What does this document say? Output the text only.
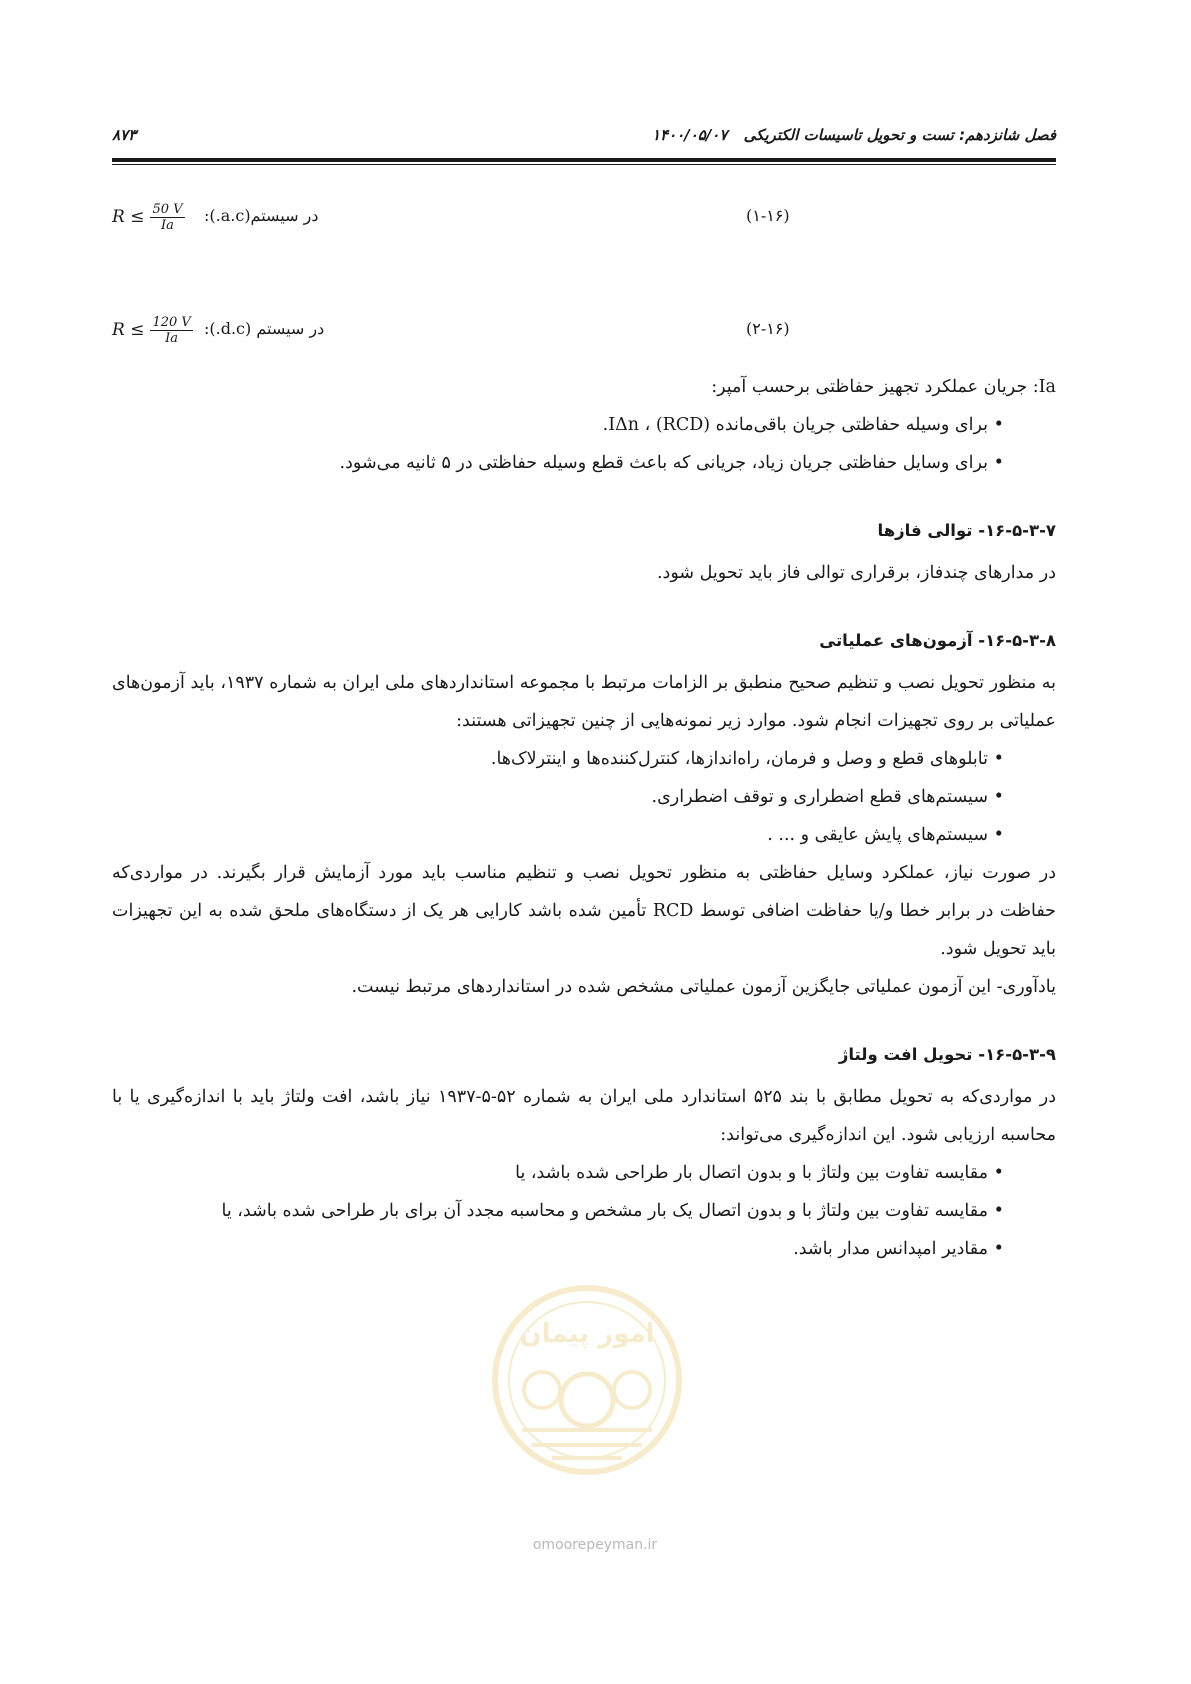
فصل شانزدهم: تست و تحویل تاسیسات الکتریکی
۱۴۰۰/۰۵/۰۷
۸۷۳
$R \le \frac{50 V}{Ia}$ در سیستم(a.c.):	(۱-۱۶)
$R \le \frac{120 V}{Ia}$ در سیستم (d.c.):	(۲-۱۶)

Ia: جریان عملکرد تجهیز حفاظتی برحسب آمپر:

• برای وسیله حفاظتی جریان باقی‌مانده (RCD) ، IΔn.
• برای وسایل حفاظتی جریان زیاد، جریانی که باعث قطع وسیله حفاظتی در ۵ ثانیه می‌شود.

۱۶-۵-۳-۷- توالی فازها

در مدارهای چندفاز، برقراری توالی فاز باید تحویل شود.

۱۶-۵-۳-۸- آزمون‌های عملیاتی

به منظور تحویل نصب و تنظیم صحیح منطبق بر الزامات مرتبط با مجموعه استانداردهای ملی ایران به شماره ۱۹۳۷، باید آزمون‌های عملیاتی بر روی تجهیزات انجام شود. موارد زیر نمونه‌هایی از چنین تجهیزاتی هستند:

• تابلوهای قطع و وصل و فرمان، راه‌اندازها، کنترل‌کننده‌ها و اینترلاک‌ها.
• سیستم‌های قطع اضطراری و توقف اضطراری.
• سیستم‌های پایش عایقی و ... .

در صورت نیاز، عملکرد وسایل حفاظتی به منظور تحویل نصب و تنظیم مناسب باید مورد آزمایش قرار بگیرند. در مواردی‌که حفاظت در برابر خطا و/یا حفاظت اضافی توسط RCD تأمین شده باشد کارایی هر یک از دستگاه‌های ملحق شده به این تجهیزات باید تحویل شود.

یادآوری- این آزمون عملیاتی جایگزین آزمون عملیاتی مشخص شده در استانداردهای مرتبط نیست.

۱۶-۵-۳-۹- تحویل افت ولتاژ

در مواردی‌که به تحویل مطابق با بند ۵۲۵ استاندارد ملی ایران به شماره ۵۲-۵-۱۹۳۷ نیاز باشد، افت ولتاژ باید با اندازه‌گیری یا با محاسبه ارزیابی شود. این اندازه‌گیری می‌تواند:

• مقایسه تفاوت بین ولتاژ با و بدون اتصال بار طراحی شده باشد، یا
• مقایسه تفاوت بین ولتاژ با و بدون اتصال یک بار مشخص و محاسبه مجدد آن برای بار طراحی شده باشد، یا
• مقادیر امپدانس مدار باشد.
امور پیمان
omoorepeyman.ir
